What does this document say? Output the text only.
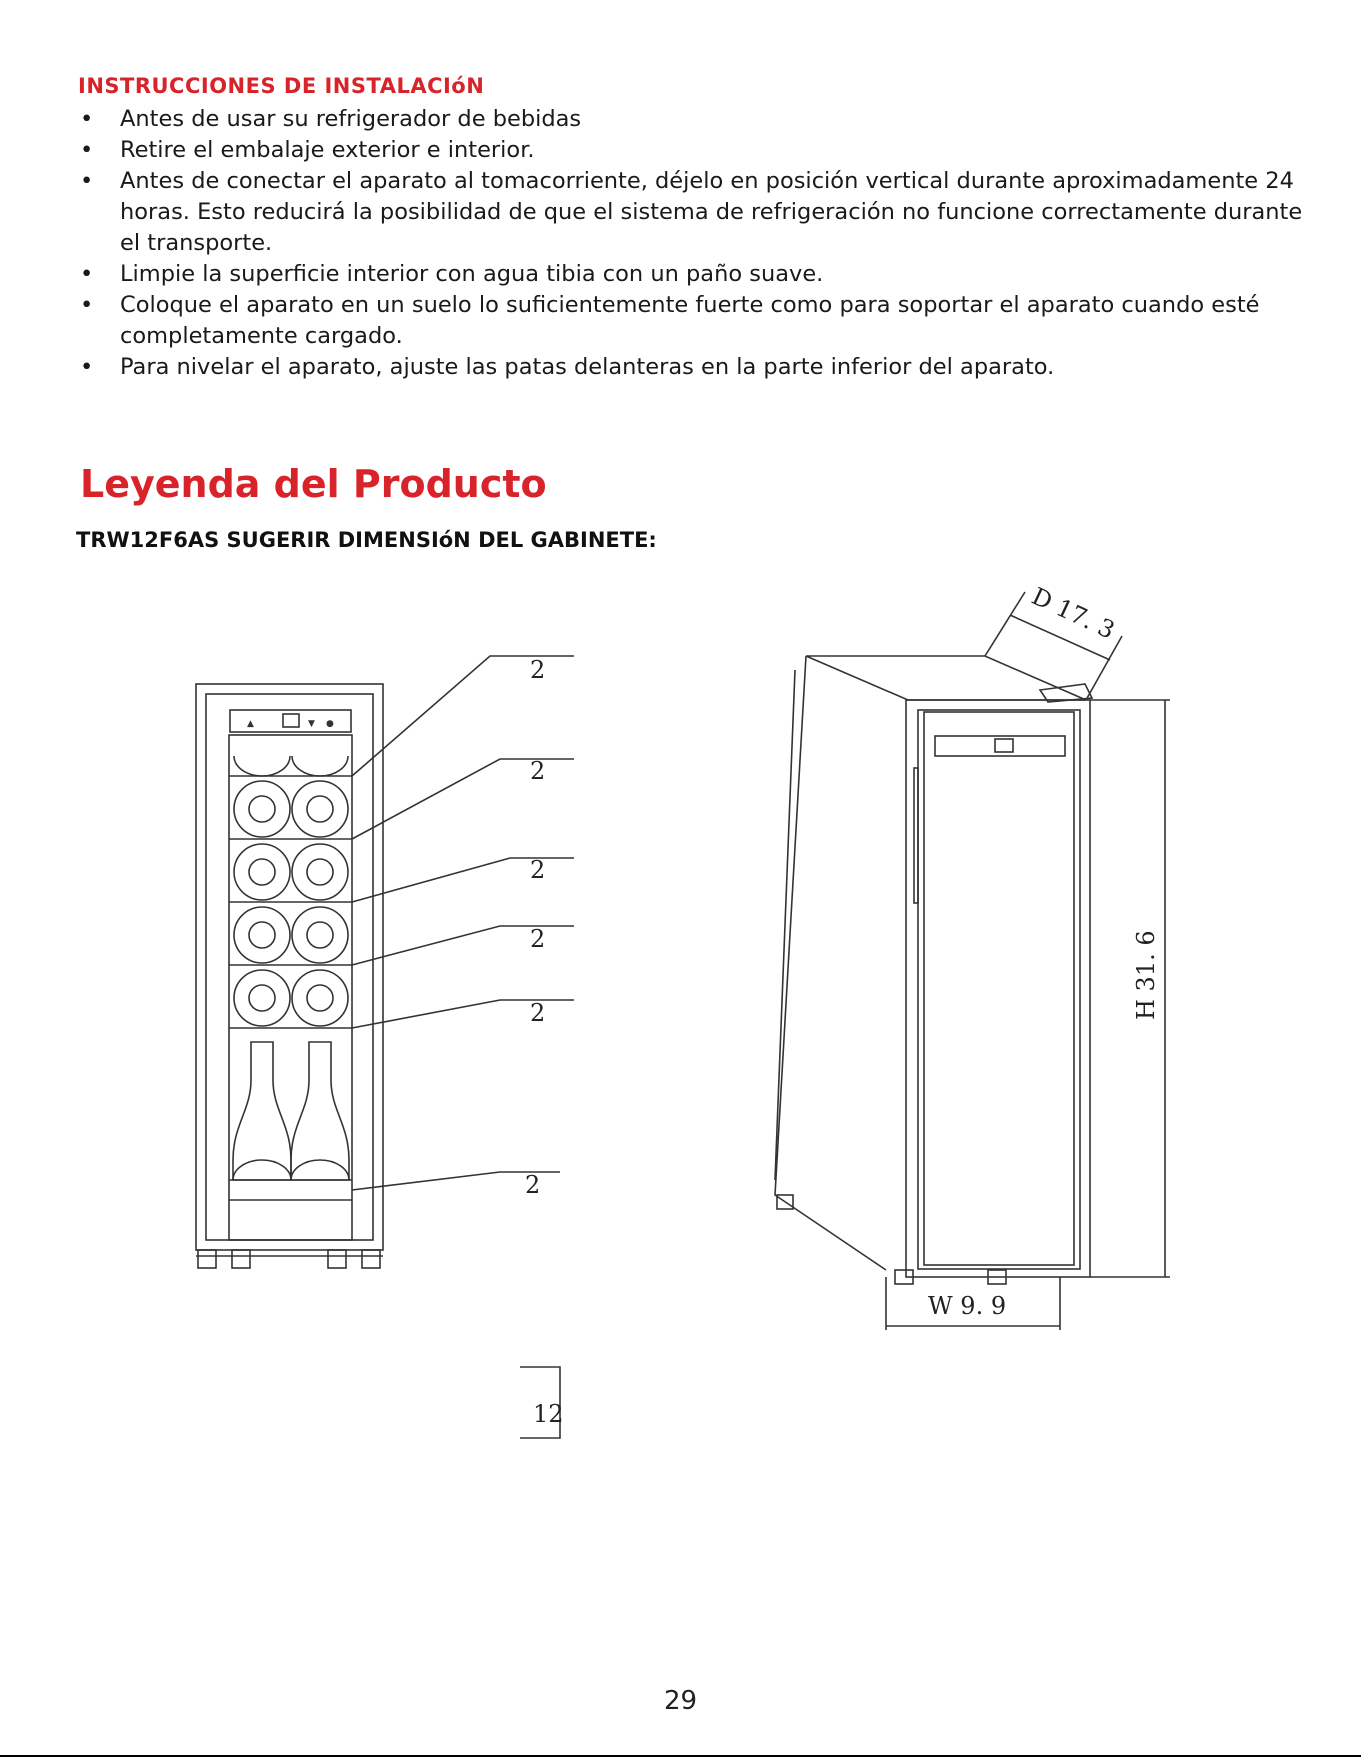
INSTRUCCIONES DE INSTALACIóN
• Antes de usar su refrigerador de bebidas
• Retire el embalaje exterior e interior.
• Antes de conectar el aparato al tomacorriente, déjelo en posición vertical durante aproximadamente 24 horas. Esto reducirá la posibilidad de que el sistema de refrigeración no funcione correctamente durante el transporte.
• Limpie la superficie interior con agua tibia con un paño suave.
• Coloque el aparato en un suelo lo suficientemente fuerte como para soportar el aparato cuando esté completamente cargado.
• Para nivelar el aparato, ajuste las patas delanteras en la parte inferior del aparato.
Leyenda del Producto
TRW12F6AS SUGERIR DIMENSIóN DEL GABINETE:
▲	▼ ●
2
2
2
2
2
2
12
D 17. 3
H 31. 6
W 9. 9
29
